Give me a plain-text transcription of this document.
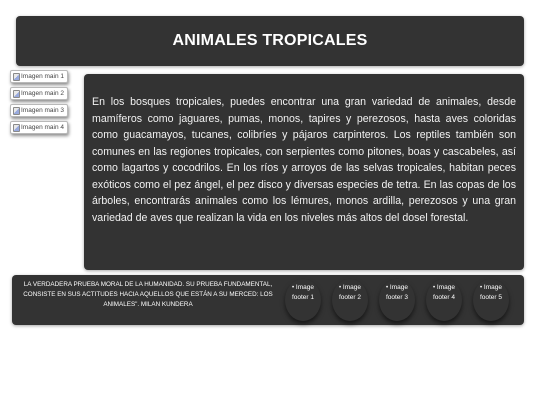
ANIMALES TROPICALES
Imagen main 1
Imagen main 2
Imagen main 3
Imagen main 4

En los bosques tropicales, puedes encontrar una gran variedad de animales, desde mamíferos como jaguares, pumas, monos, tapires y perezosos, hasta aves coloridas como guacamayos, tucanes, colibríes y pájaros carpinteros. Los reptiles también son comunes en las regiones tropicales, con serpientes como pitones, boas y cascabeles, así como lagartos y cocodrilos. En los ríos y arroyos de las selvas tropicales, habitan peces exóticos como el pez ángel, el pez disco y diversas especies de tetra. En las copas de los árboles, encontrarás animales como los lémures, monos ardilla, perezosos y una gran variedad de aves que realizan la vida en los niveles más altos del dosel forestal.

LA VERDADERA PRUEBA MORAL DE LA HUMANIDAD. SU PRUEBA FUNDAMENTAL, CONSISTE EN SUS ACTITUDES HACIA AQUELLOS QUE ESTÁN A SU MERCED: LOS ANIMALES". MILAN KUNDERA
• Image
footer 1
• Image
footer 2
• Image
footer 3
• Image
footer 4
• Image
footer 5
